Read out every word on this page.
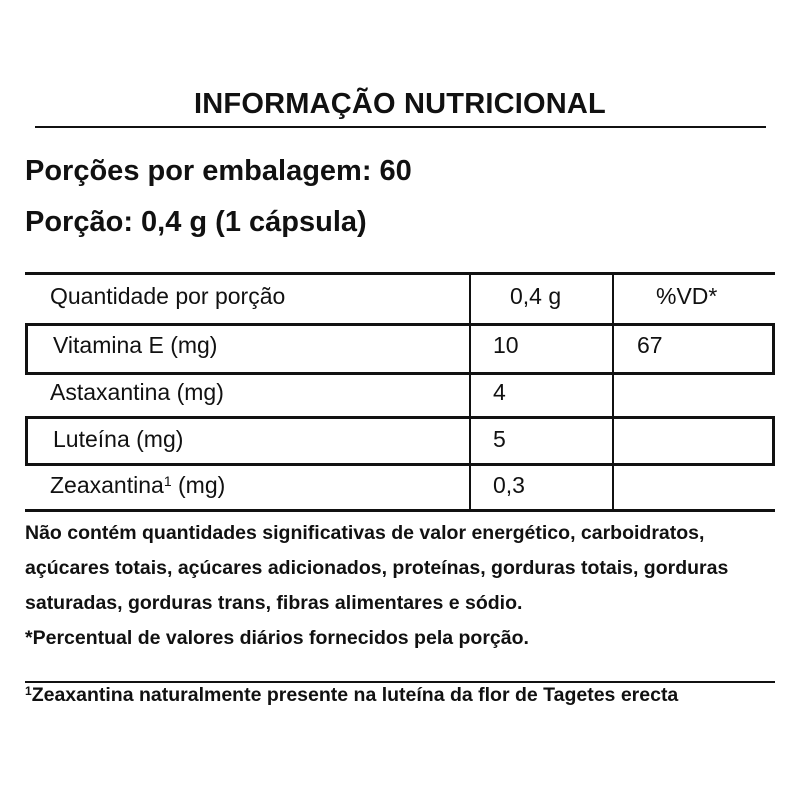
INFORMAÇÃO NUTRICIONAL
Porções por embalagem: 60
Porção: 0,4 g (1 cápsula)
Quantidade por porção	0,4 g	%VD*
Vitamina E (mg)	10	67
Astaxantina (mg)	4
Luteína (mg)	5
Zeaxantina$^1$ (mg)	0,3
Não contém quantidades significativas de valor energético, carboidratos, açúcares totais, açúcares adicionados, proteínas, gorduras totais, gorduras saturadas, gorduras trans, fibras alimentares e sódio.
*Percentual de valores diários fornecidos pela porção.
$^1$Zeaxantina naturalmente presente na luteína da flor de Tagetes erecta
